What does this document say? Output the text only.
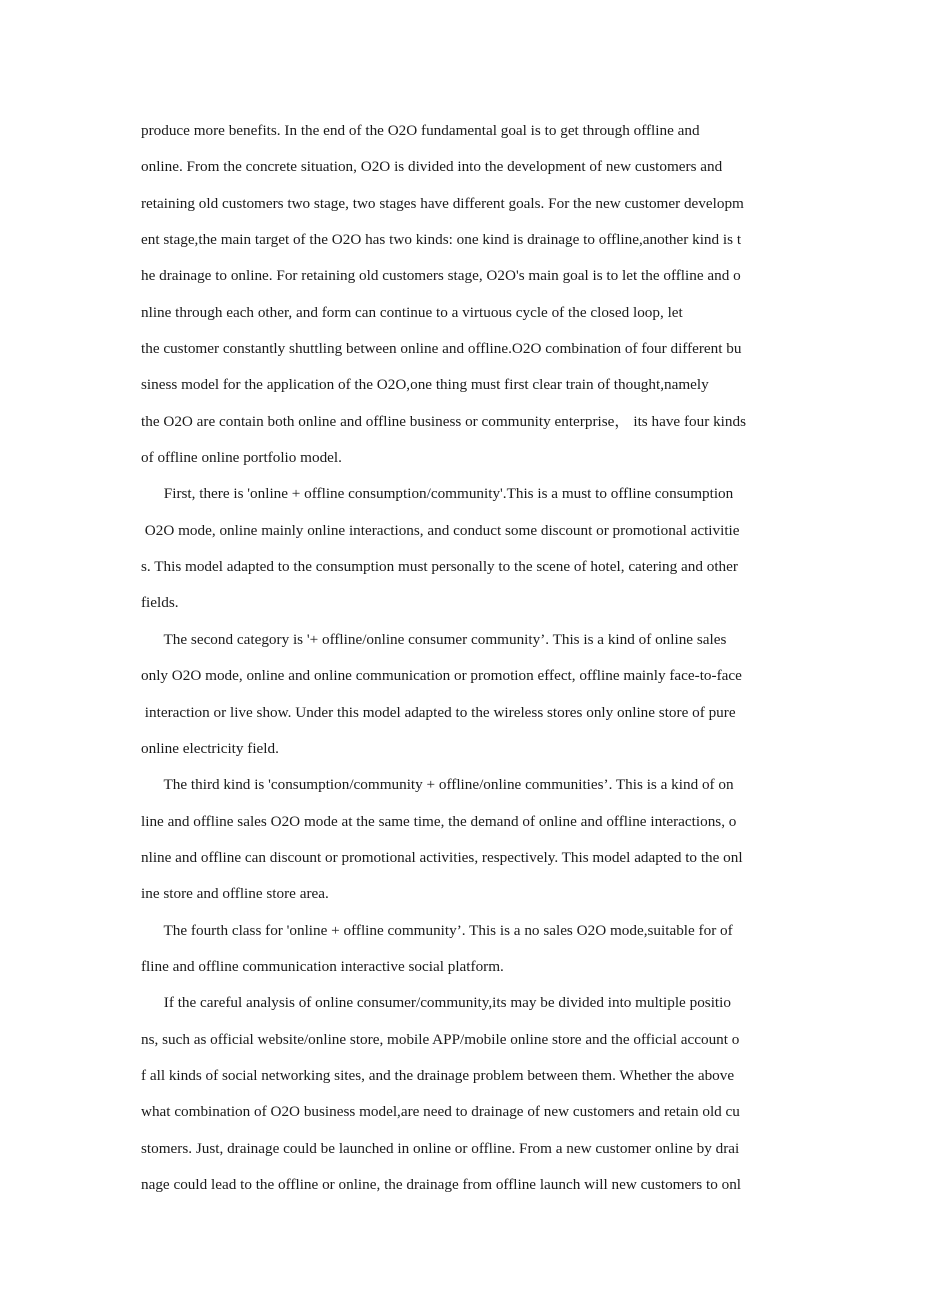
produce more benefits. In the end of the O2O fundamental goal is to get through offline and
online. From the concrete situation, O2O is divided into the development of new customers and
retaining old customers two stage, two stages have different goals. For the new customer developm
ent stage,the main target of the O2O has two kinds: one kind is drainage to offline,another kind is t
he drainage to online. For retaining old customers stage, O2O's main goal is to let the offline and o
nline through each other, and form can continue to a virtuous cycle of the closed loop, let
the customer constantly shuttling between online and offline.O2O combination of four different bu
siness model for the application of the O2O,one thing must first clear train of thought,namely
the O2O are contain both online and offline business or community enterprise， its have four kinds
of offline online portfolio model.
First, there is 'online + offline consumption/community'.This is a must to offline consumption
O2O mode, online mainly online interactions, and conduct some discount or promotional activitie
s. This model adapted to the consumption must personally to the scene of hotel, catering and other
fields.
The second category is '+ offline/online consumer community’. This is a kind of online sales
only O2O mode, online and online communication or promotion effect, offline mainly face-to-face
interaction or live show. Under this model adapted to the wireless stores only online store of pure
online electricity field.
The third kind is 'consumption/community + offline/online communities’. This is a kind of on
line and offline sales O2O mode at the same time, the demand of online and offline interactions, o
nline and offline can discount or promotional activities, respectively. This model adapted to the onl
ine store and offline store area.
The fourth class for 'online + offline community’. This is a no sales O2O mode,suitable for of
fline and offline communication interactive social platform.
If the careful analysis of online consumer/community,its may be divided into multiple positio
ns, such as official website/online store, mobile APP/mobile online store and the official account o
f all kinds of social networking sites, and the drainage problem between them. Whether the above
what combination of O2O business model,are need to drainage of new customers and retain old cu
stomers. Just, drainage could be launched in online or offline. From a new customer online by drai
nage could lead to the offline or online, the drainage from offline launch will new customers to onl
